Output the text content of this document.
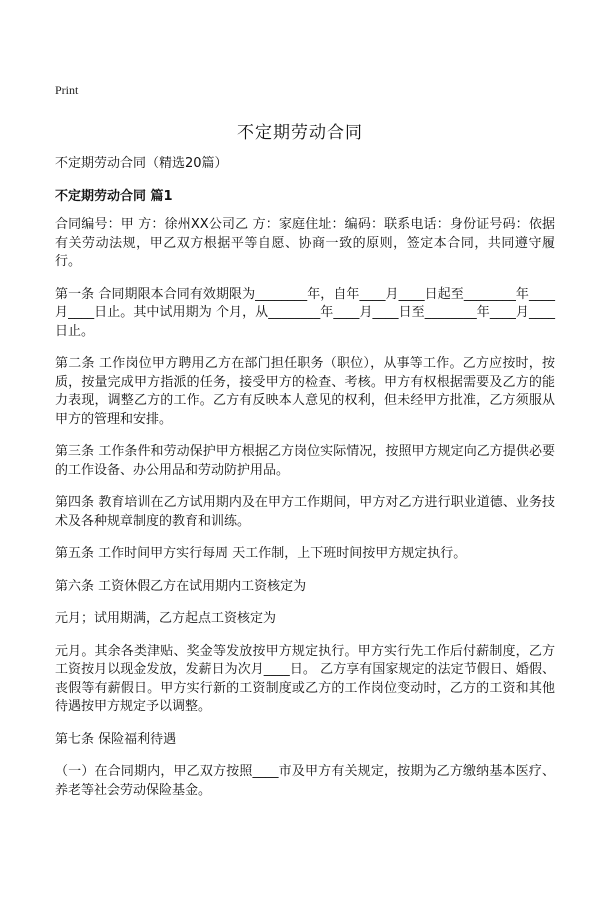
Print
不定期劳动合同
不定期劳动合同（精选20篇）
不定期劳动合同 篇1

合同编号：甲 方：徐州XX公司乙 方：家庭住址：编码：联系电话：身份证号码：依据有关劳动法规，甲乙双方根据平等自愿、协商一致的原则，签定本合同，共同遵守履行。

第一条 合同期限本合同有效期限为________年，自年____月____日起至________年____月____日止。其中试用期为 个月，从________年____月____日至________年____月____日止。

第二条 工作岗位甲方聘用乙方在部门担任职务（职位），从事等工作。乙方应按时，按质，按量完成甲方指派的任务，接受甲方的检查、考核。甲方有权根据需要及乙方的能力表现，调整乙方的工作。乙方有反映本人意见的权利，但未经甲方批准，乙方须服从甲方的管理和安排。

第三条 工作条件和劳动保护甲方根据乙方岗位实际情况，按照甲方规定向乙方提供必要的工作设备、办公用品和劳动防护用品。

第四条 教育培训在乙方试用期内及在甲方工作期间，甲方对乙方进行职业道德、业务技术及各种规章制度的教育和训练。

第五条 工作时间甲方实行每周 天工作制，上下班时间按甲方规定执行。

第六条 工资休假乙方在试用期内工资核定为

元月；试用期满，乙方起点工资核定为

元月。其余各类津贴、奖金等发放按甲方规定执行。甲方实行先工作后付薪制度，乙方工资按月以现金发放，发薪日为次月____日。 乙方享有国家规定的法定节假日、婚假、丧假等有薪假日。甲方实行新的工资制度或乙方的工作岗位变动时，乙方的工资和其他待遇按甲方规定予以调整。

第七条 保险福利待遇

（一）在合同期内，甲乙双方按照____市及甲方有关规定，按期为乙方缴纳基本医疗、养老等社会劳动保险基金。
